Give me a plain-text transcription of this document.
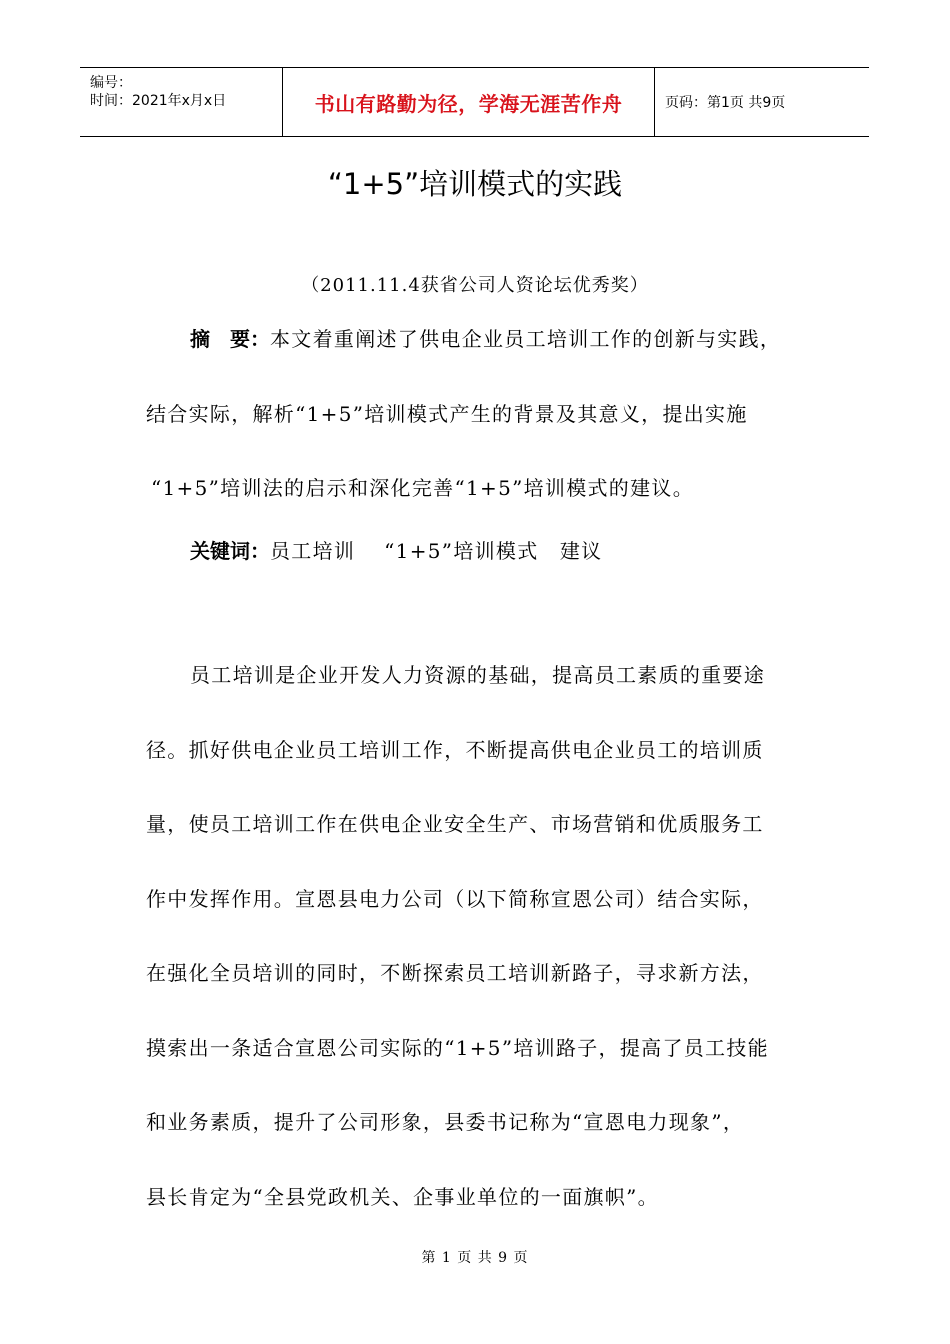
编号：
时间：2021年x月x日	书山有路勤为径，学海无涯苦作舟	页码：第1页 共9页
“1+5”培训模式的实践
（2011.11.4获省公司人资论坛优秀奖）
摘　要：本文着重阐述了供电企业员工培训工作的创新与实践，
结合实际，解析“1+5”培训模式产生的背景及其意义，提出实施
“1+5”培训法的启示和深化完善“1+5”培训模式的建议。
关键词：员工培训　 “1+5”培训模式　建议
员工培训是企业开发人力资源的基础，提高员工素质的重要途
径。抓好供电企业员工培训工作，不断提高供电企业员工的培训质
量，使员工培训工作在供电企业安全生产、市场营销和优质服务工
作中发挥作用。宣恩县电力公司（以下简称宣恩公司）结合实际，
在强化全员培训的同时，不断探索员工培训新路子，寻求新方法，
摸索出一条适合宣恩公司实际的“1+5”培训路子，提高了员工技能
和业务素质，提升了公司形象，县委书记称为“宣恩电力现象”，
县长肯定为“全县党政机关、企事业单位的一面旗帜”。
第 1 页 共 9 页
